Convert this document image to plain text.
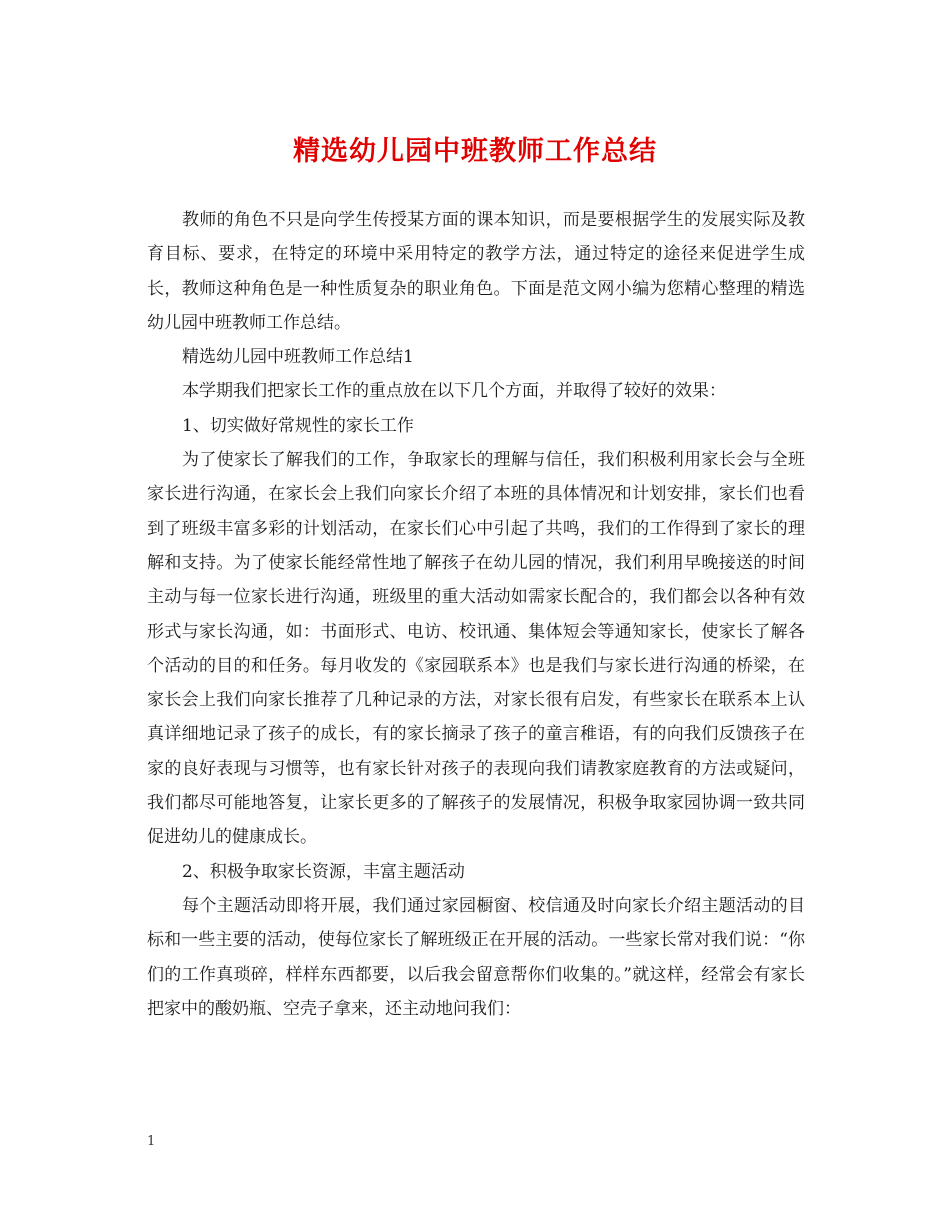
精选幼儿园中班教师工作总结

教师的角色不只是向学生传授某方面的课本知识，而是要根据学生的发展实际及教育目标、要求，在特定的环境中采用特定的教学方法，通过特定的途径来促进学生成长，教师这种角色是一种性质复杂的职业角色。下面是范文网小编为您精心整理的精选幼儿园中班教师工作总结。

精选幼儿园中班教师工作总结1

本学期我们把家长工作的重点放在以下几个方面，并取得了较好的效果：

1、切实做好常规性的家长工作

为了使家长了解我们的工作，争取家长的理解与信任，我们积极利用家长会与全班家长进行沟通，在家长会上我们向家长介绍了本班的具体情况和计划安排，家长们也看到了班级丰富多彩的计划活动，在家长们心中引起了共鸣，我们的工作得到了家长的理解和支持。为了使家长能经常性地了解孩子在幼儿园的情况，我们利用早晚接送的时间主动与每一位家长进行沟通，班级里的重大活动如需家长配合的，我们都会以各种有效形式与家长沟通，如：书面形式、电访、校讯通、集体短会等通知家长，使家长了解各个活动的目的和任务。每月收发的《家园联系本》也是我们与家长进行沟通的桥梁，在家长会上我们向家长推荐了几种记录的方法，对家长很有启发，有些家长在联系本上认真详细地记录了孩子的成长，有的家长摘录了孩子的童言稚语，有的向我们反馈孩子在家的良好表现与习惯等，也有家长针对孩子的表现向我们请教家庭教育的方法或疑问，我们都尽可能地答复，让家长更多的了解孩子的发展情况，积极争取家园协调一致共同促进幼儿的健康成长。

2、积极争取家长资源，丰富主题活动

每个主题活动即将开展，我们通过家园橱窗、校信通及时向家长介绍主题活动的目标和一些主要的活动，使每位家长了解班级正在开展的活动。一些家长常对我们说：“你们的工作真琐碎，样样东西都要，以后我会留意帮你们收集的。”就这样，经常会有家长把家中的酸奶瓶、空壳子拿来，还主动地问我们：

1
